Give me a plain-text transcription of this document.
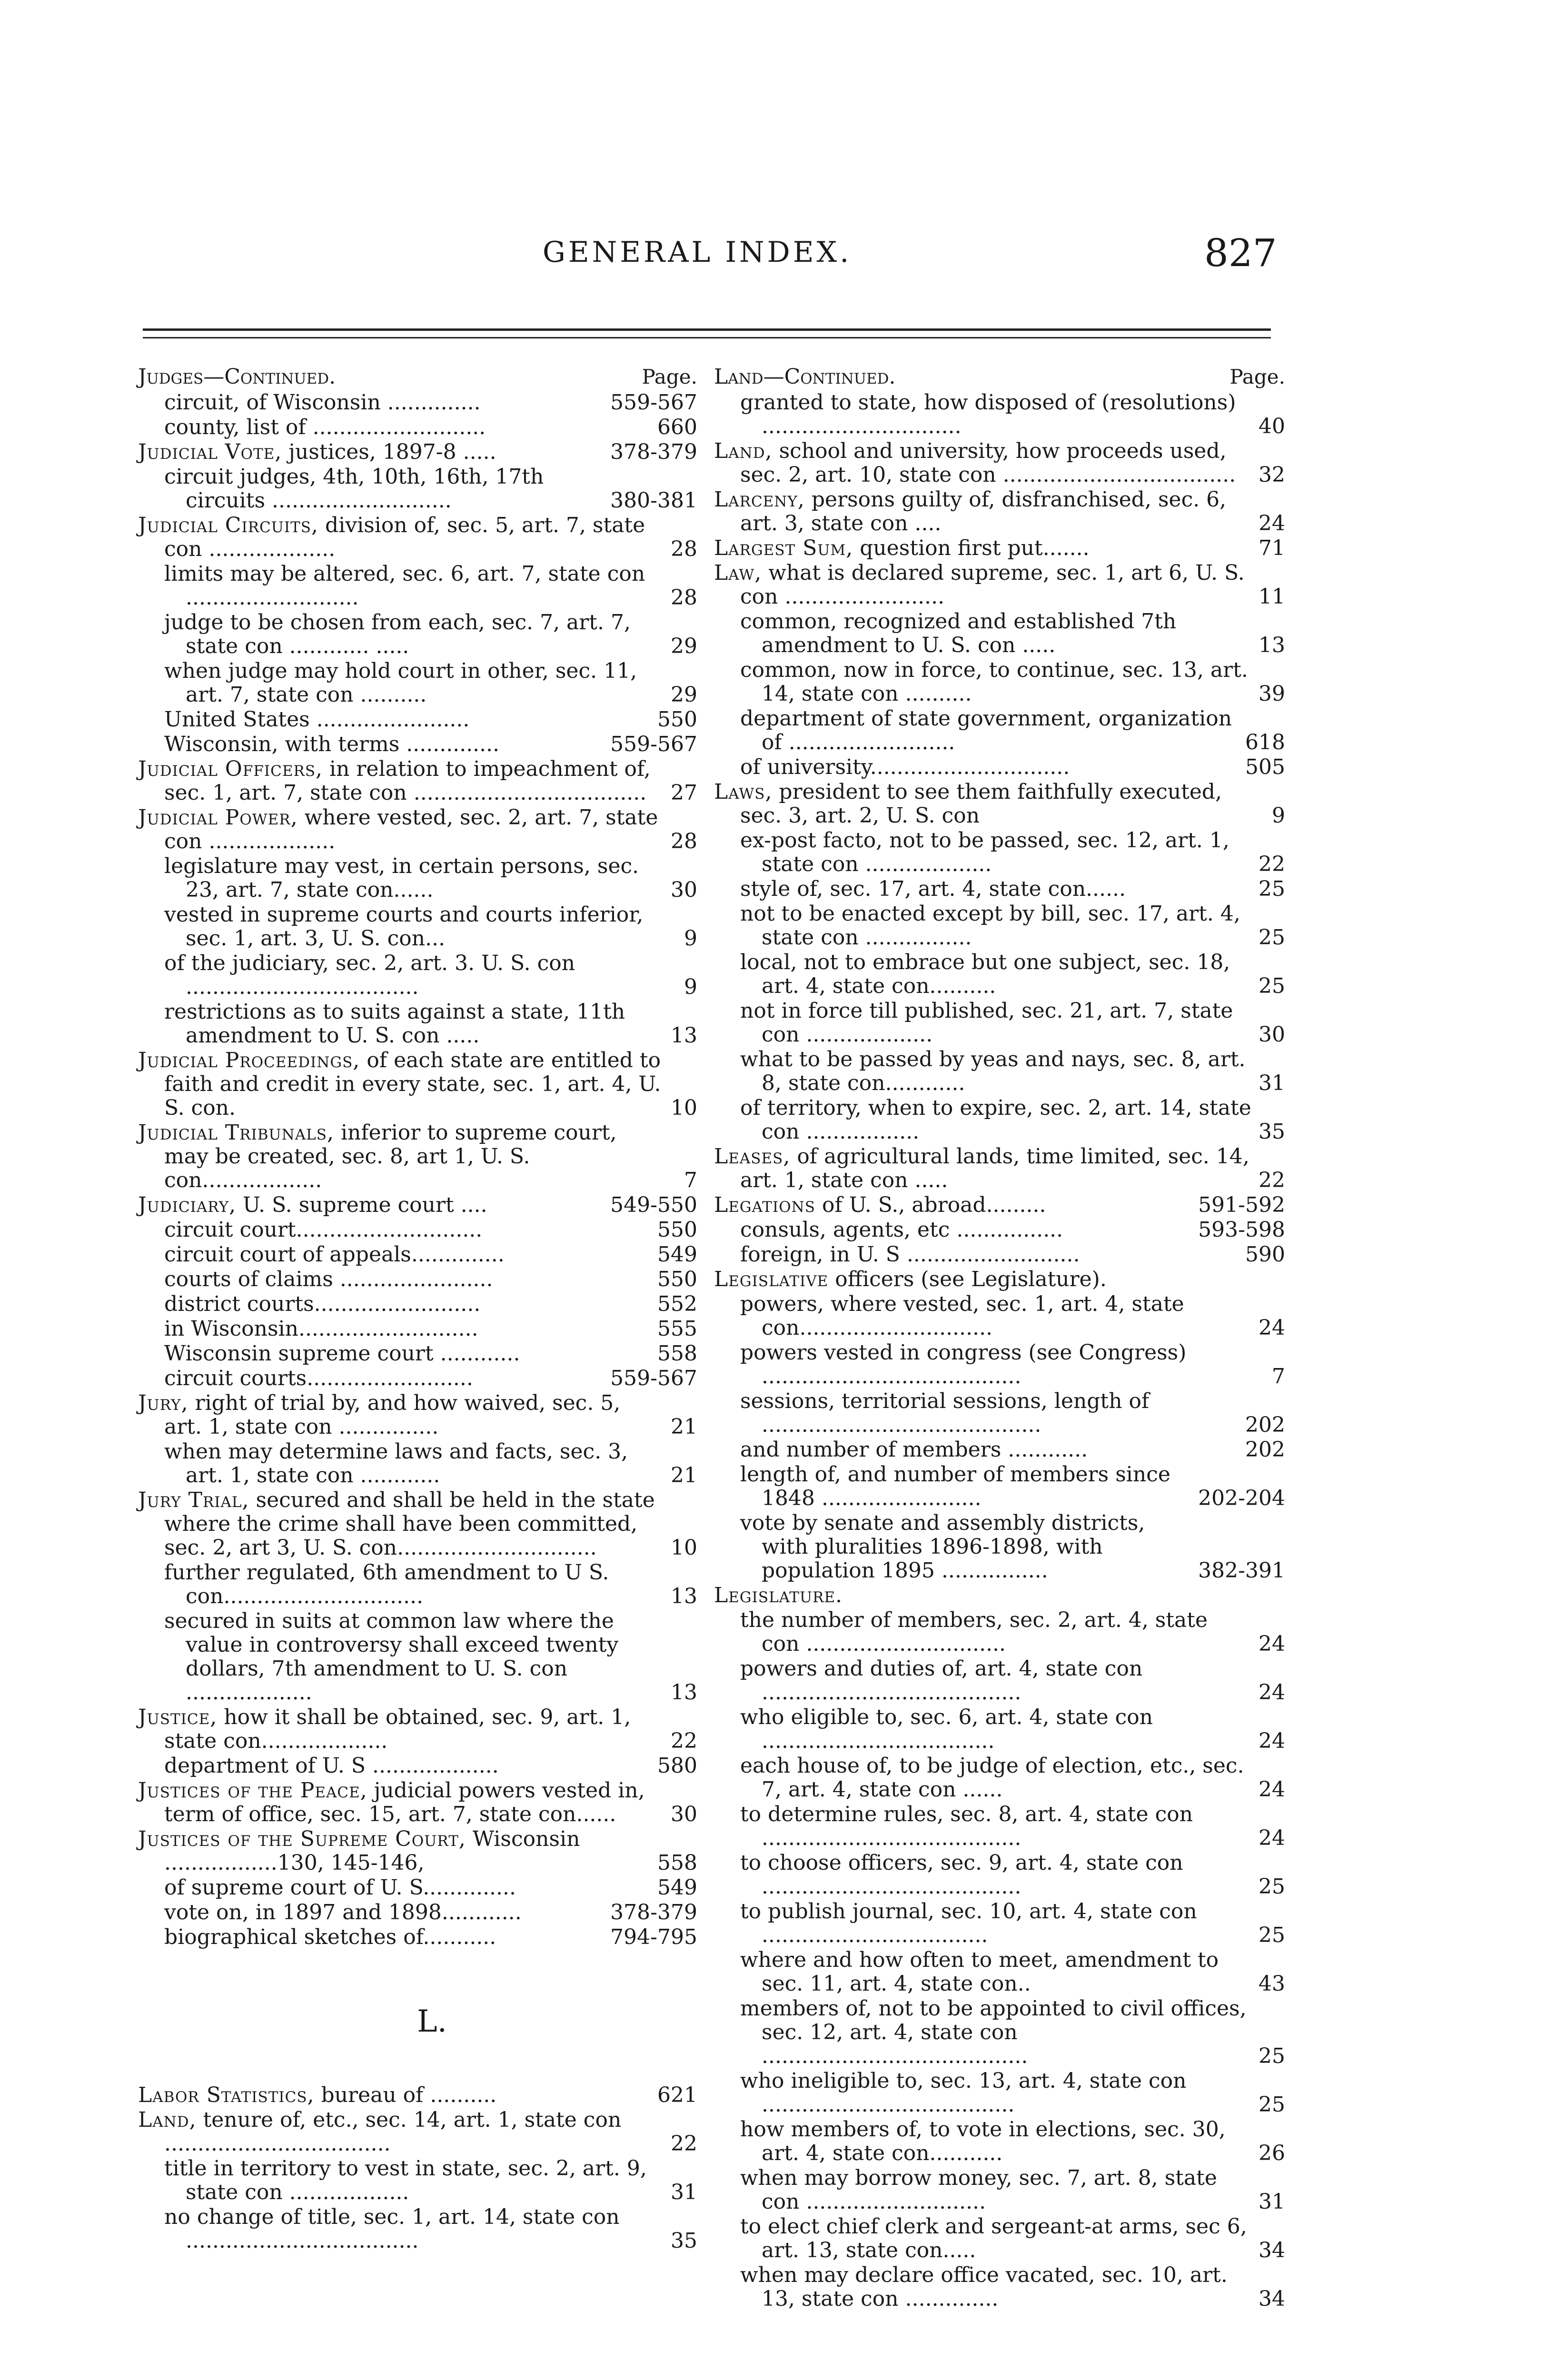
GENERAL INDEX.	827
Judges—Continued.	Page.
circuit, of Wisconsin ..............	559-567
county, list of ..........................	660
Judicial Vote, justices, 1897-8 .....	378-379
circuit judges, 4th, 10th, 16th, 17th circuits ...........................	380-381
Judicial Circuits, division of, sec. 5, art. 7, state con ...................	28
limits may be altered, sec. 6, art. 7, state con ..........................	28
judge to be chosen from each, sec. 7, art. 7, state con ............ .....	29
when judge may hold court in other, sec. 11, art. 7, state con ..........	29
United States .......................	550
Wisconsin, with terms ..............	559-567
Judicial Officers, in relation to impeachment of, sec. 1, art. 7, state con ...................................	27
Judicial Power, where vested, sec. 2, art. 7, state con ...................	28
legislature may vest, in certain persons, sec. 23, art. 7, state con......	30
vested in supreme courts and courts inferior, sec. 1, art. 3, U. S. con...	9
of the judiciary, sec. 2, art. 3. U. S. con ...................................	9
restrictions as to suits against a state, 11th amendment to U. S. con .....	13
Judicial Proceedings, of each state are entitled to faith and credit in every state, sec. 1, art. 4, U. S. con.	10
Judicial Tribunals, inferior to supreme court, may be created, sec. 8, art 1, U. S. con..................	7
Judiciary, U. S. supreme court ....	549-550
circuit court............................	550
circuit court of appeals..............	549
courts of claims .......................	550
district courts.........................	552
in Wisconsin...........................	555
Wisconsin supreme court ............	558
circuit courts.........................	559-567
Jury, right of trial by, and how waived, sec. 5, art. 1, state con ...............	21
when may determine laws and facts, sec. 3, art. 1, state con ............	21
Jury Trial, secured and shall be held in the state where the crime shall have been committed, sec. 2, art 3, U. S. con..............................	10
further regulated, 6th amendment to U S. con..............................	13
secured in suits at common law where the value in controversy shall exceed twenty dollars, 7th amendment to U. S. con ...................	13
Justice, how it shall be obtained, sec. 9, art. 1, state con...................	22
department of U. S ...................	580
Justices of the Peace, judicial powers vested in, term of office, sec. 15, art. 7, state con......	30
Justices of the Supreme Court, Wisconsin .................130, 145-146,	558
of supreme court of U. S..............	549
vote on, in 1897 and 1898............	378-379
biographical sketches of...........	794-795
L.
Labor Statistics, bureau of ..........	621
Land, tenure of, etc., sec. 14, art. 1, state con ..................................	22
title in territory to vest in state, sec. 2, art. 9, state con ..................	31
no change of title, sec. 1, art. 14, state con ...................................	35
Land—Continued.	Page.
granted to state, how disposed of (resolutions) ..............................	40
Land, school and university, how proceeds used, sec. 2, art. 10, state con ...................................	32
Larceny, persons guilty of, disfranchised, sec. 6, art. 3, state con ....	24
Largest Sum, question first put.......	71
Law, what is declared supreme, sec. 1, art 6, U. S. con ........................	11
common, recognized and established 7th amendment to U. S. con .....	13
common, now in force, to continue, sec. 13, art. 14, state con ..........	39
department of state government, organization of .........................	618
of university..............................	505
Laws, president to see them faithfully executed, sec. 3, art. 2, U. S. con	9
ex-post facto, not to be passed, sec. 12, art. 1, state con ...................	22
style of, sec. 17, art. 4, state con......	25
not to be enacted except by bill, sec. 17, art. 4, state con ................	25
local, not to embrace but one subject, sec. 18, art. 4, state con..........	25
not in force till published, sec. 21, art. 7, state con ...................	30
what to be passed by yeas and nays, sec. 8, art. 8, state con............	31
of territory, when to expire, sec. 2, art. 14, state con .................	35
Leases, of agricultural lands, time limited, sec. 14, art. 1, state con .....	22
Legations of U. S., abroad.........	591-592
consuls, agents, etc ................	593-598
foreign, in U. S ..........................	590
Legislative officers (see Legislature).
powers, where vested, sec. 1, art. 4, state con.............................	24
powers vested in congress (see Congress) .......................................	7
sessions, territorial sessions, length of ..........................................	202
and number of members ............	202
length of, and number of members since 1848 ........................	202-204
vote by senate and assembly districts, with pluralities 1896-1898, with population 1895 ................	382-391
Legislature.
the number of members, sec. 2, art. 4, state con ..............................	24
powers and duties of, art. 4, state con .......................................	24
who eligible to, sec. 6, art. 4, state con ...................................	24
each house of, to be judge of election, etc., sec. 7, art. 4, state con ......	24
to determine rules, sec. 8, art. 4, state con .......................................	24
to choose officers, sec. 9, art. 4, state con .......................................	25
to publish journal, sec. 10, art. 4, state con ..................................	25
where and how often to meet, amendment to sec. 11, art. 4, state con..	43
members of, not to be appointed to civil offices, sec. 12, art. 4, state con ........................................	25
who ineligible to, sec. 13, art. 4, state con ......................................	25
how members of, to vote in elections, sec. 30, art. 4, state con...........	26
when may borrow money, sec. 7, art. 8, state con ...........................	31
to elect chief clerk and sergeant-at arms, sec 6, art. 13, state con.....	34
when may declare office vacated, sec. 10, art. 13, state con ..............	34
